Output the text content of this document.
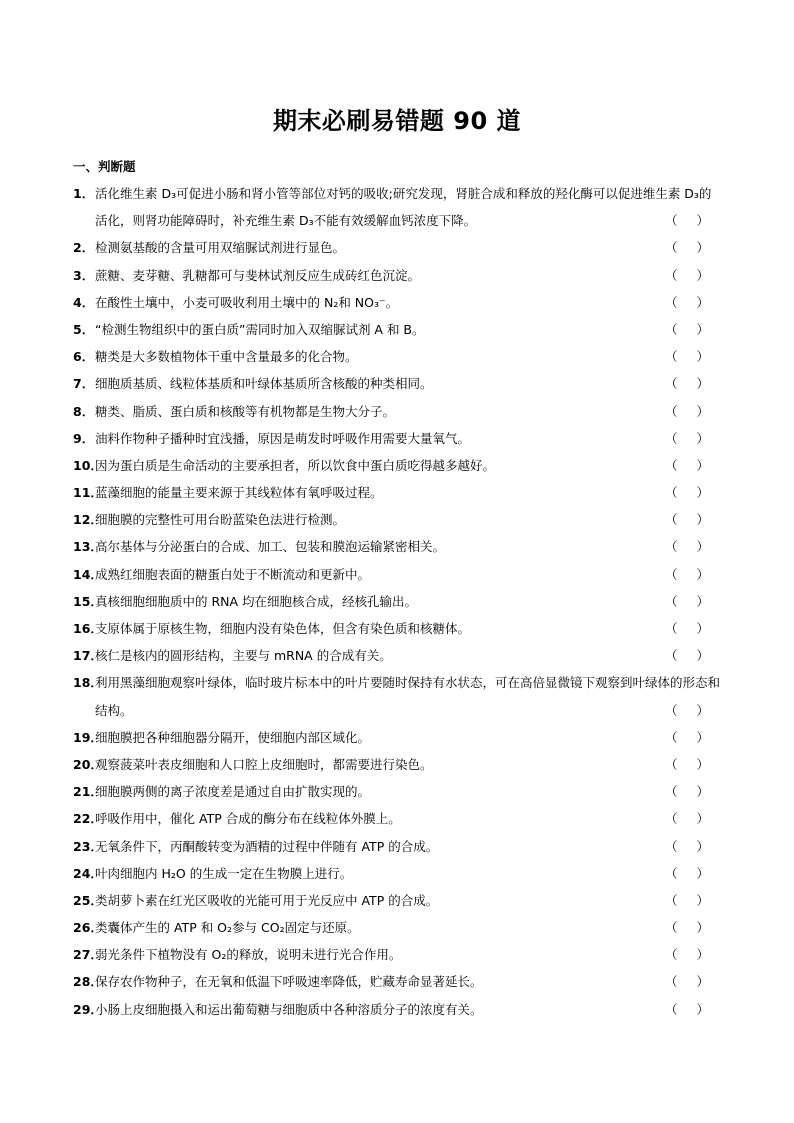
期末必刷易错题 90 道
一、判断题
1． 活化维生素 D₃可促进小肠和肾小管等部位对钙的吸收;研究发现，肾脏合成和释放的羟化酶可以促进维生素 D₃的活化，则肾功能障碍时，补充维生素 D₃不能有效缓解血钙浓度下降。	（ ）
2． 检测氨基酸的含量可用双缩脲试剂进行显色。	（ ）
3． 蔗糖、麦芽糖、乳糖都可与斐林试剂反应生成砖红色沉淀。	（ ）
4． 在酸性土壤中，小麦可吸收利用土壤中的 N₂和 NO₃⁻。	（ ）
5． “检测生物组织中的蛋白质”需同时加入双缩脲试剂 A 和 B。	（ ）
6． 糖类是大多数植物体干重中含量最多的化合物。	（ ）
7． 细胞质基质、线粒体基质和叶绿体基质所含核酸的种类相同。	（ ）
8． 糖类、脂质、蛋白质和核酸等有机物都是生物大分子。	（ ）
9． 油料作物种子播种时宜浅播，原因是萌发时呼吸作用需要大量氧气。	（ ）
10．
因为蛋白质是生命活动的主要承担者，所以饮食中蛋白质吃得越多越好。	（ ）
11．
蓝藻细胞的能量主要来源于其线粒体有氧呼吸过程。	（ ）
12．
细胞膜的完整性可用台盼蓝染色法进行检测。	（ ）
13．
高尔基体与分泌蛋白的合成、加工、包装和膜泡运输紧密相关。	（ ）
14．
成熟红细胞表面的糖蛋白处于不断流动和更新中。	（ ）
15．
真核细胞细胞质中的 RNA 均在细胞核合成，经核孔输出。	（ ）
16．
支原体属于原核生物，细胞内没有染色体，但含有染色质和核糖体。	（ ）
17．
核仁是核内的圆形结构，主要与 mRNA 的合成有关。	（ ）
18．
利用黑藻细胞观察叶绿体，临时玻片标本中的叶片要随时保持有水状态，可在高倍显微镜下观察到叶绿体的形态和结构。	（ ）
19．
细胞膜把各种细胞器分隔开，使细胞内部区域化。	（ ）
20．
观察菠菜叶表皮细胞和人口腔上皮细胞时，都需要进行染色。	（ ）
21．
细胞膜两侧的离子浓度差是通过自由扩散实现的。	（ ）
22．
呼吸作用中，催化 ATP 合成的酶分布在线粒体外膜上。	（ ）
23．
无氧条件下，丙酮酸转变为酒精的过程中伴随有 ATP 的合成。	（ ）
24．
叶肉细胞内 H₂O 的生成一定在生物膜上进行。	（ ）
25．
类胡萝卜素在红光区吸收的光能可用于光反应中 ATP 的合成。	（ ）
26．
类囊体产生的 ATP 和 O₂参与 CO₂固定与还原。	（ ）
27．
弱光条件下植物没有 O₂的释放，说明未进行光合作用。	（ ）
28．
保存农作物种子，在无氧和低温下呼吸速率降低，贮藏寿命显著延长。	（ ）
29．
小肠上皮细胞摄入和运出葡萄糖与细胞质中各种溶质分子的浓度有关。	（ ）
